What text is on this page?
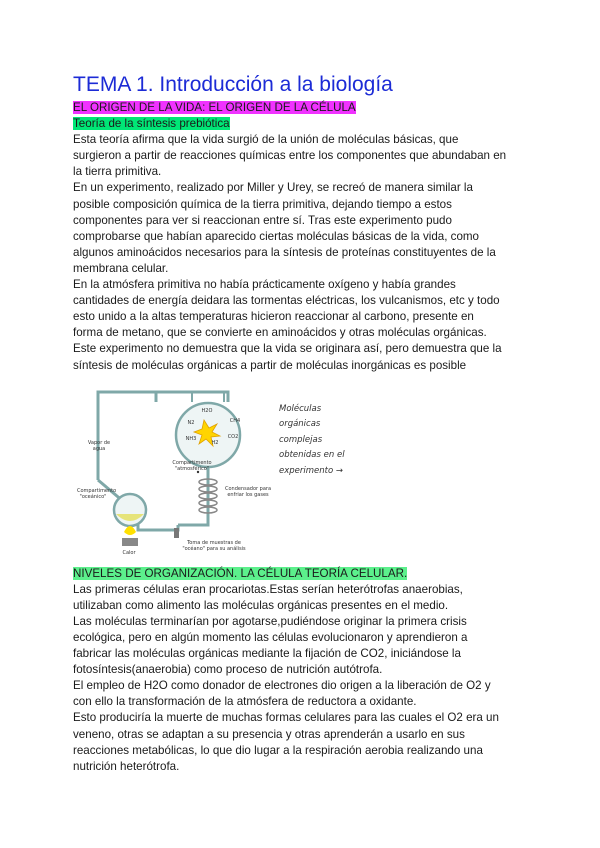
TEMA 1. Introducción a la biología
EL ORIGEN DE LA VIDA: EL ORIGEN DE LA CÉLULA
Teoría de la síntesis prebiótica
Esta teoría afirma que la vida surgió de la unión de moléculas básicas, que
surgieron a partir de reacciones químicas entre los componentes que abundaban en
la tierra primitiva.
En un experimento, realizado por Miller y Urey, se recreó de manera similar la
posible composición química de la tierra primitiva, dejando tiempo a estos
componentes para ver si reaccionan entre sí. Tras este experimento pudo
comprobarse que habían aparecido ciertas moléculas básicas de la vida, como
algunos aminoácidos necesarios para la síntesis de proteínas constituyentes de la
membrana celular.
En la atmósfera primitiva no había prácticamente oxígeno y había grandes
cantidades de energía deidara las tormentas eléctricas, los vulcanismos, etc y todo
esto unido a la altas temperaturas hicieron reaccionar al carbono, presente en
forma de metano, que se convierte en aminoácidos y otras moléculas orgánicas.
Este experimento no demuestra que la vida se originara así, pero demuestra que la
síntesis de moléculas orgánicas a partir de moléculas inorgánicas es posible
Vapor de agua
Compartimento "oceánico"
Compartimento "atmosférico"
Condensador para enfriar los gases
Toma de muestras de "océano" para su análisis
Calor
H2O
CH4
N2
NH3
H2
CO2
Moléculas
orgánicas
complejas
obtenidas en el
experimento →
NIVELES DE ORGANIZACIÓN. LA CÉLULA TEORÍA CELULAR.
Las primeras células eran procariotas.Estas serían heterótrofas anaerobias,
utilizaban como alimento las moléculas orgánicas presentes en el medio.
Las moléculas terminarían por agotarse,pudiéndose originar la primera crisis
ecológica, pero en algún momento las células evolucionaron y aprendieron a
fabricar las moléculas orgánicas mediante la fijación de CO2, iniciándose la
fotosíntesis(anaerobia) como proceso de nutrición autótrofa.
El empleo de H2O como donador de electrones dio origen a la liberación de O2 y
con ello la transformación de la atmósfera de reductora a oxidante.
Esto produciría la muerte de muchas formas celulares para las cuales el O2 era un
veneno, otras se adaptan a su presencia y otras aprenderán a usarlo en sus
reacciones metabólicas, lo que dio lugar a la respiración aerobia realizando una
nutrición heterótrofa.
